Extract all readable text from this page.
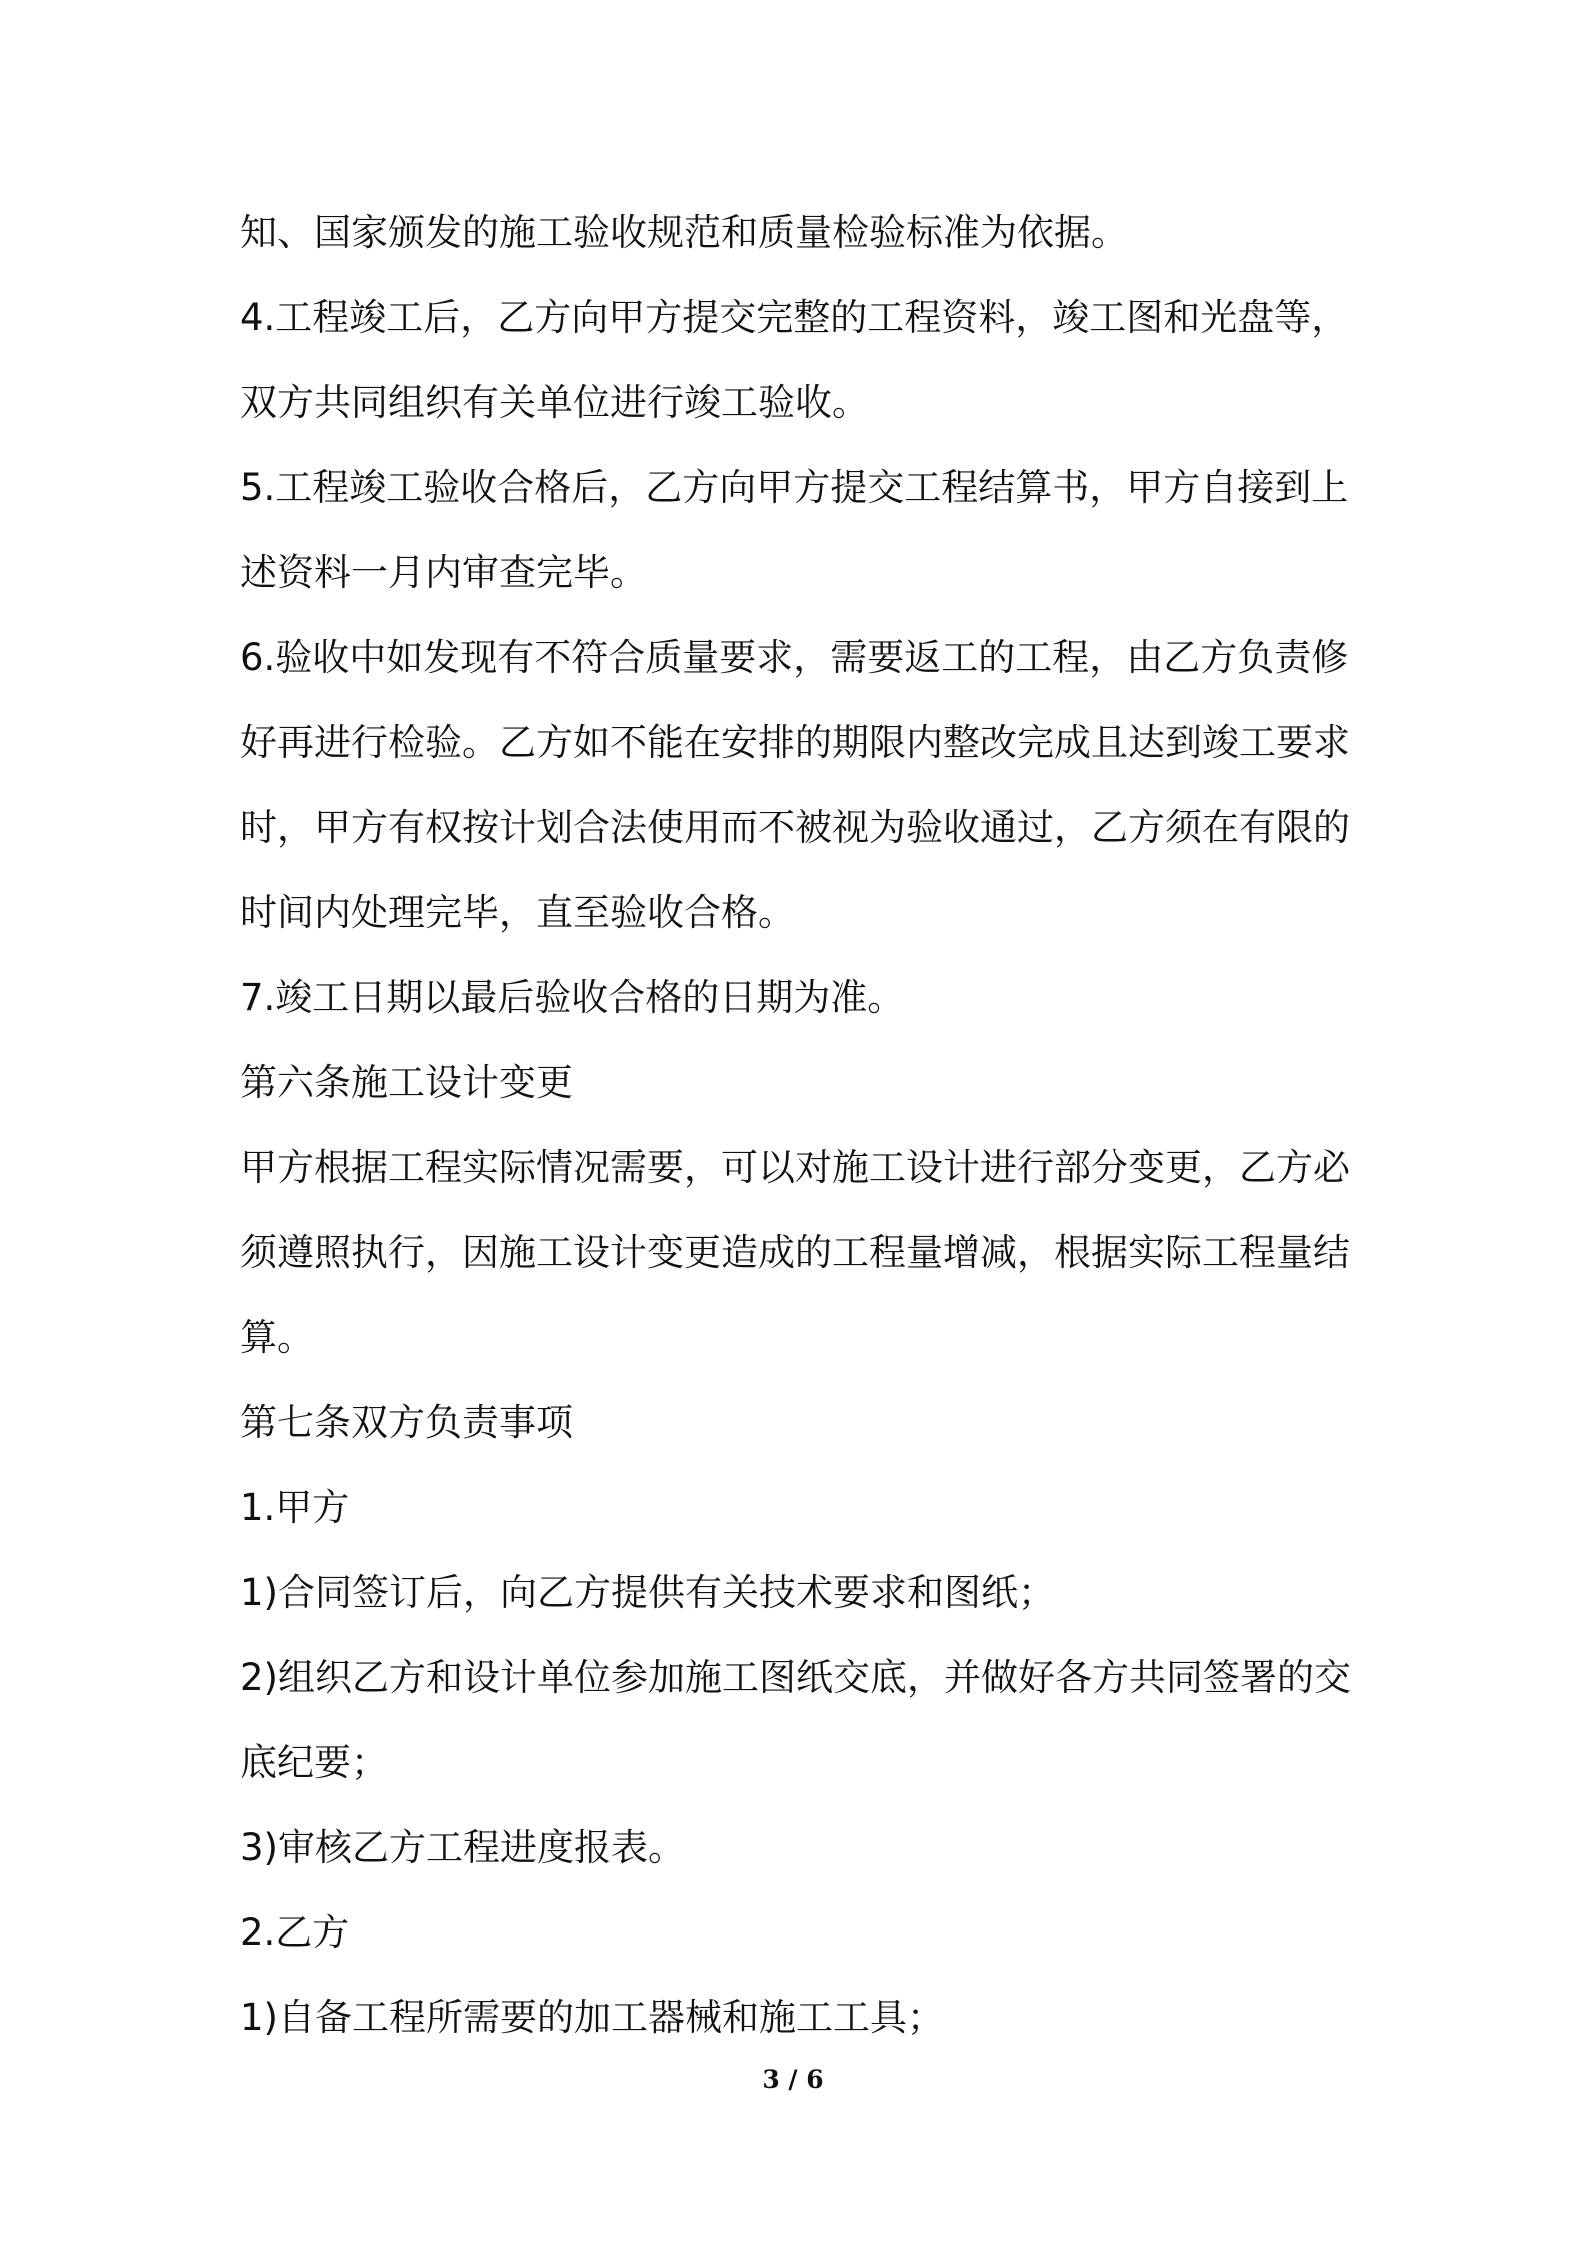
知、国家颁发的施工验收规范和质量检验标准为依据。

4.工程竣工后，乙方向甲方提交完整的工程资料，竣工图和光盘等，

双方共同组织有关单位进行竣工验收。

5.工程竣工验收合格后，乙方向甲方提交工程结算书，甲方自接到上

述资料一月内审查完毕。

6.验收中如发现有不符合质量要求，需要返工的工程，由乙方负责修

好再进行检验。乙方如不能在安排的期限内整改完成且达到竣工要求

时，甲方有权按计划合法使用而不被视为验收通过，乙方须在有限的

时间内处理完毕，直至验收合格。

7.竣工日期以最后验收合格的日期为准。

第六条施工设计变更

甲方根据工程实际情况需要，可以对施工设计进行部分变更，乙方必

须遵照执行，因施工设计变更造成的工程量增减，根据实际工程量结

算。

第七条双方负责事项

1.甲方

1)合同签订后，向乙方提供有关技术要求和图纸；

2)组织乙方和设计单位参加施工图纸交底，并做好各方共同签署的交

底纪要；

3)审核乙方工程进度报表。

2.乙方

1)自备工程所需要的加工器械和施工工具；

3 / 6
